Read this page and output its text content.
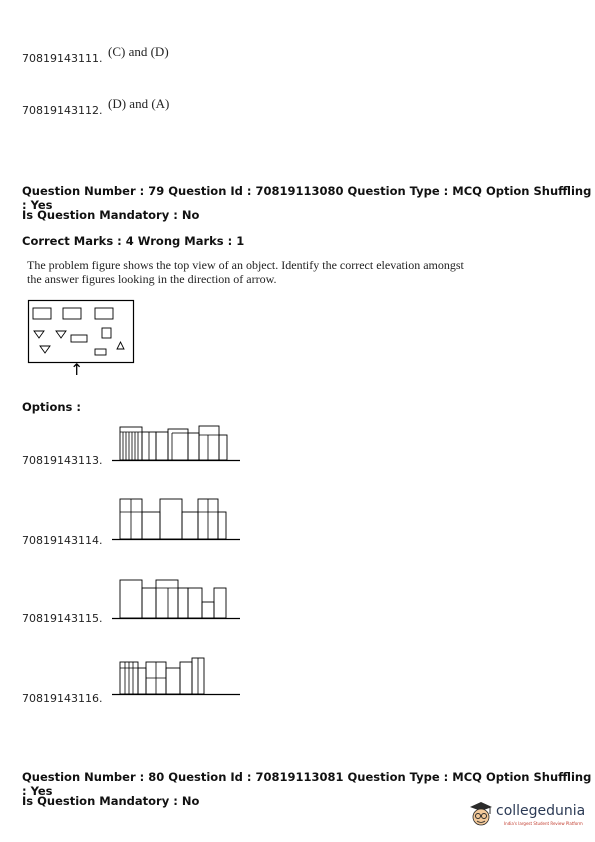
70819143111. (C) and (D)
70819143112. (D) and (A)
Question Number : 79 Question Id : 70819113080 Question Type : MCQ Option Shuffling : Yes
Is Question Mandatory : No
Correct Marks : 4 Wrong Marks : 1
The problem figure shows the top view of an object. Identify the correct elevation amongst
the answer figures looking in the direction of arrow.
↑
Options :
70819143113.
70819143114.
70819143115.
70819143116.
Question Number : 80 Question Id : 70819113081 Question Type : MCQ Option Shuffling : Yes
Is Question Mandatory : No
collegedunia
India's largest Student Review Platform
